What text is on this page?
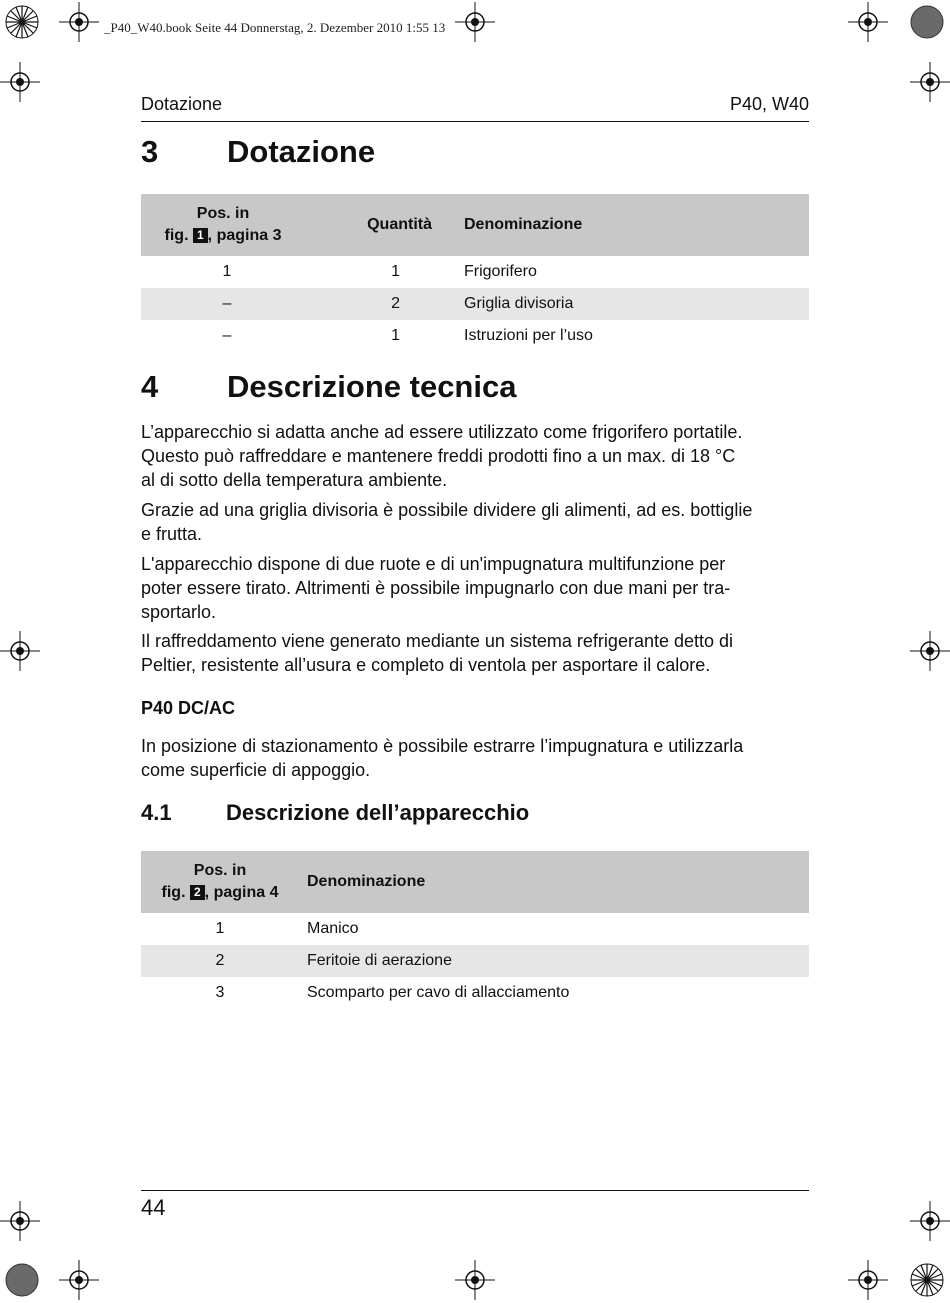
_P40_W40.book Seite 44 Donnerstag, 2. Dezember 2010 1:55 13
Dotazione	P40, W40
3 Dotazione
Pos. in
fig. 1 , pagina 3	Quantità	Denominazione
1	1	Frigorifero
–	2	Griglia divisoria
–	1	Istruzioni per l’uso
4 Descrizione tecnica
L’apparecchio si adatta anche ad essere utilizzato come frigorifero portatile.
Questo può raffreddare e mantenere freddi prodotti fino a un max. di 18 °C
al di sotto della temperatura ambiente.
Grazie ad una griglia divisoria è possibile dividere gli alimenti, ad es. bottiglie
e frutta.
L'apparecchio dispone di due ruote e di un'impugnatura multifunzione per
poter essere tirato. Altrimenti è possibile impugnarlo con due mani per tra-
sportarlo.
Il raffreddamento viene generato mediante un sistema refrigerante detto di
Peltier, resistente all’usura e completo di ventola per asportare il calore.
P40 DC/AC
In posizione di stazionamento è possibile estrarre l’impugnatura e utilizzarla
come superficie di appoggio.
4.1 Descrizione dell’apparecchio
Pos. in
fig. 2 , pagina 4	Denominazione
1	Manico
2	Feritoie di aerazione
3	Scomparto per cavo di allacciamento
44
